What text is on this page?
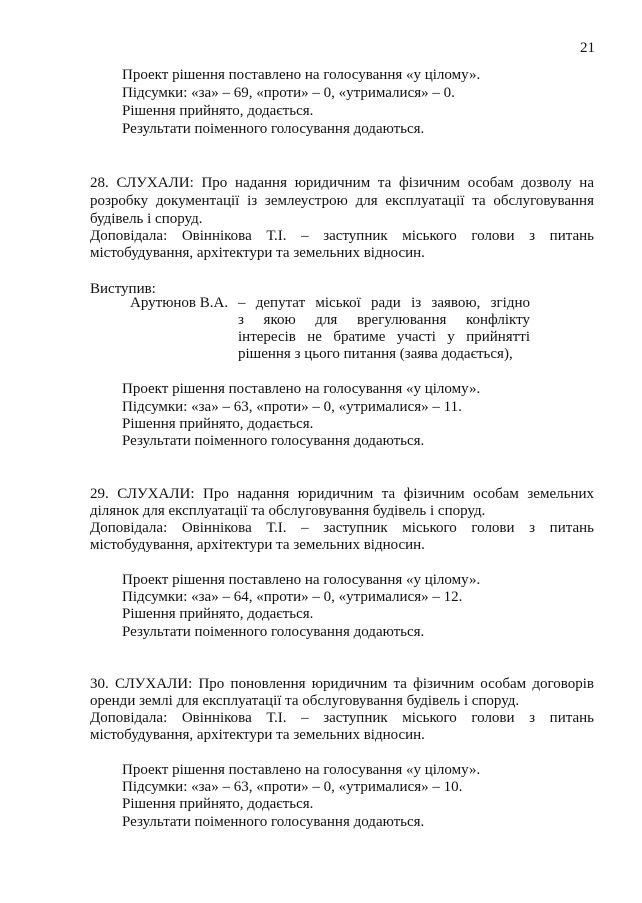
21
Проект рішення поставлено на голосування «у цілому».
Підсумки: «за» – 69, «проти» – 0, «утрималися» – 0.
Рішення прийнято, додається.
Результати поіменного голосування додаються.
28. СЛУХАЛИ: Про надання юридичним та фізичним особам дозволу на
розробку документації із землеустрою для експлуатації та обслуговування
будівель і споруд.
Доповідала: Овіннікова Т.І. – заступник міського голови з питань
містобудування, архітектури та земельних відносин.
Виступив:
Арутюнов В.А. – депутат міської ради із заявою, згідно
з якою для врегулювання конфлікту
інтересів не братиме участі у прийнятті
рішення з цього питання (заява додається),
Проект рішення поставлено на голосування «у цілому».
Підсумки: «за» – 63, «проти» – 0, «утрималися» – 11.
Рішення прийнято, додається.
Результати поіменного голосування додаються.
29. СЛУХАЛИ: Про надання юридичним та фізичним особам земельних
ділянок для експлуатації та обслуговування будівель і споруд.
Доповідала: Овіннікова Т.І. – заступник міського голови з питань
містобудування, архітектури та земельних відносин.
Проект рішення поставлено на голосування «у цілому».
Підсумки: «за» – 64, «проти» – 0, «утрималися» – 12.
Рішення прийнято, додається.
Результати поіменного голосування додаються.
30. СЛУХАЛИ: Про поновлення юридичним та фізичним особам договорів
оренди землі для експлуатації та обслуговування будівель і споруд.
Доповідала: Овіннікова Т.І. – заступник міського голови з питань
містобудування, архітектури та земельних відносин.
Проект рішення поставлено на голосування «у цілому».
Підсумки: «за» – 63, «проти» – 0, «утрималися» – 10.
Рішення прийнято, додається.
Результати поіменного голосування додаються.
